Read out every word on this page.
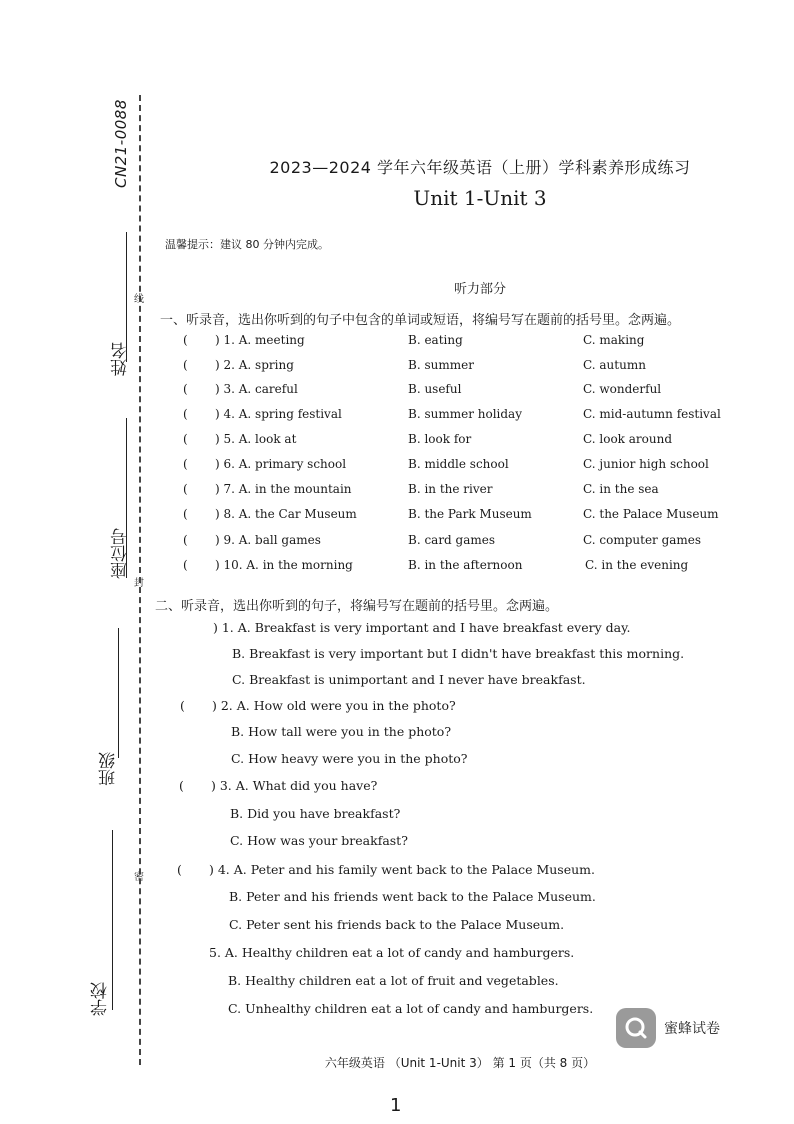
CN21-0088
姓名
座位号
班级
学校
线
封
密
2023—2024 学年六年级英语（上册）学科素养形成练习
Unit 1-Unit 3
温馨提示：建议 80 分钟内完成。
听力部分
一、听录音，选出你听到的句子中包含的单词或短语，将编号写在题前的括号里。念两遍。
( ) 1. A. meeting	B. eating	C. making
( ) 2. A. spring	B. summer	C. autumn
( ) 3. A. careful	B. useful	C. wonderful
( ) 4. A. spring festival	B. summer holiday	C. mid-autumn festival
( ) 5. A. look at	B. look for	C. look around
( ) 6. A. primary school	B. middle school	C. junior high school
( ) 7. A. in the mountain	B. in the river	C. in the sea
( ) 8. A. the Car Museum	B. the Park Museum	C. the Palace Museum
( ) 9. A. ball games	B. card games	C. computer games
( ) 10. A. in the morning	B. in the afternoon	C. in the evening
二、听录音，选出你听到的句子，将编号写在题前的括号里。念两遍。
) 1. A. Breakfast is very important and I have breakfast every day.
B. Breakfast is very important but I didn't have breakfast this morning.
C. Breakfast is unimportant and I never have breakfast.
( ) 2. A. How old were you in the photo?
B. How tall were you in the photo?
C. How heavy were you in the photo?
( ) 3. A. What did you have?
B. Did you have breakfast?
C. How was your breakfast?
( ) 4. A. Peter and his family went back to the Palace Museum.
B. Peter and his friends went back to the Palace Museum.
C. Peter sent his friends back to the Palace Museum.
5. A. Healthy children eat a lot of candy and hamburgers.
B. Healthy children eat a lot of fruit and vegetables.
C. Unhealthy children eat a lot of candy and hamburgers.
蜜蜂试卷
六年级英语 （Unit 1-Unit 3） 第 1 页（共 8 页）
1
